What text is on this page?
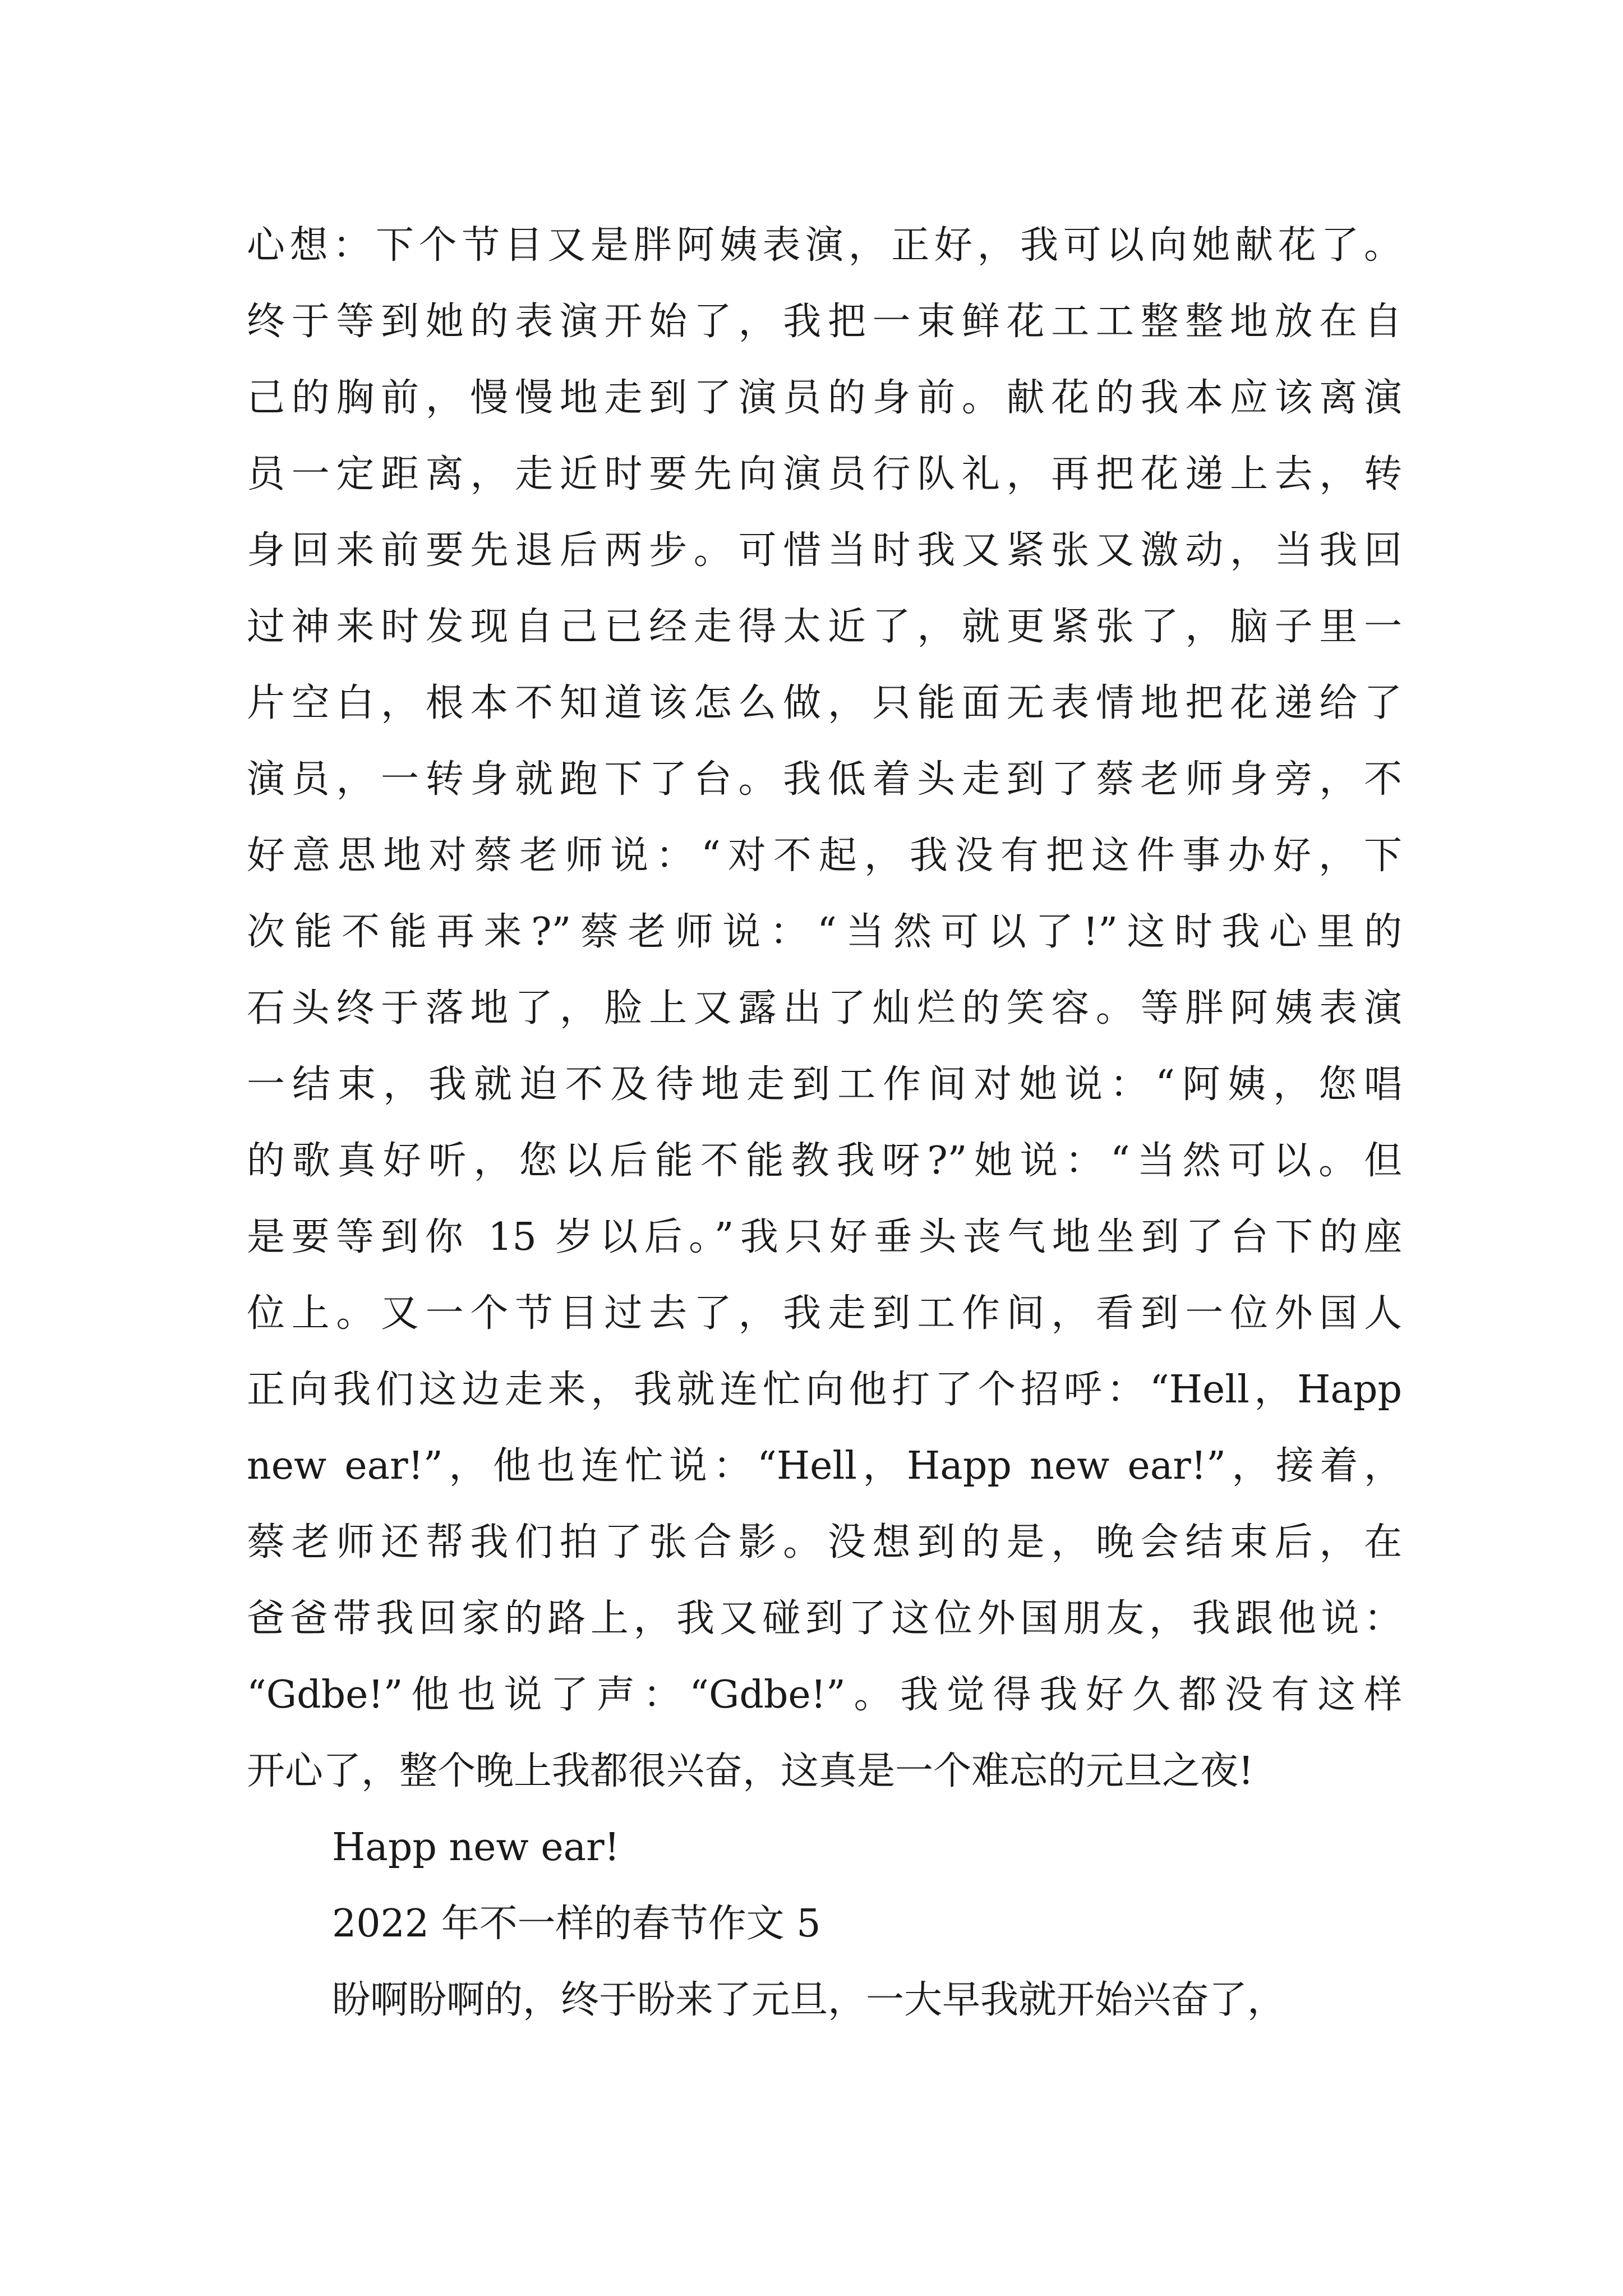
心想：下个节目又是胖阿姨表演，正好，我可以向她献花了。
终于等到她的表演开始了，我把一束鲜花工工整整地放在自
己的胸前，慢慢地走到了演员的身前。献花的我本应该离演
员一定距离，走近时要先向演员行队礼，再把花递上去，转
身回来前要先退后两步。可惜当时我又紧张又激动，当我回
过神来时发现自己已经走得太近了，就更紧张了，脑子里一
片空白，根本不知道该怎么做，只能面无表情地把花递给了
演员，一转身就跑下了台。我低着头走到了蔡老师身旁，不
好意思地对蔡老师说：“对不起，我没有把这件事办好，下
次能不能再来?”蔡老师说：“当然可以了!”这时我心里的
石头终于落地了，脸上又露出了灿烂的笑容。等胖阿姨表演
一结束，我就迫不及待地走到工作间对她说：“阿姨，您唱
的歌真好听，您以后能不能教我呀?”她说：“当然可以。但
是要等到你 15 岁以后。”我只好垂头丧气地坐到了台下的座
位上。又一个节目过去了，我走到工作间，看到一位外国人
正向我们这边走来，我就连忙向他打了个招呼：“Hell，Happ
new ear!”，他也连忙说：“Hell，Happ new ear!”，接着，
蔡老师还帮我们拍了张合影。没想到的是，晚会结束后，在
爸爸带我回家的路上，我又碰到了这位外国朋友，我跟他说：
“Gdbe!”他也说了声：“Gdbe!”。我觉得我好久都没有这样
开心了，整个晚上我都很兴奋，这真是一个难忘的元旦之夜!
Happ new ear!
2022 年不一样的春节作文 5
盼啊盼啊的，终于盼来了元旦，一大早我就开始兴奋了，
